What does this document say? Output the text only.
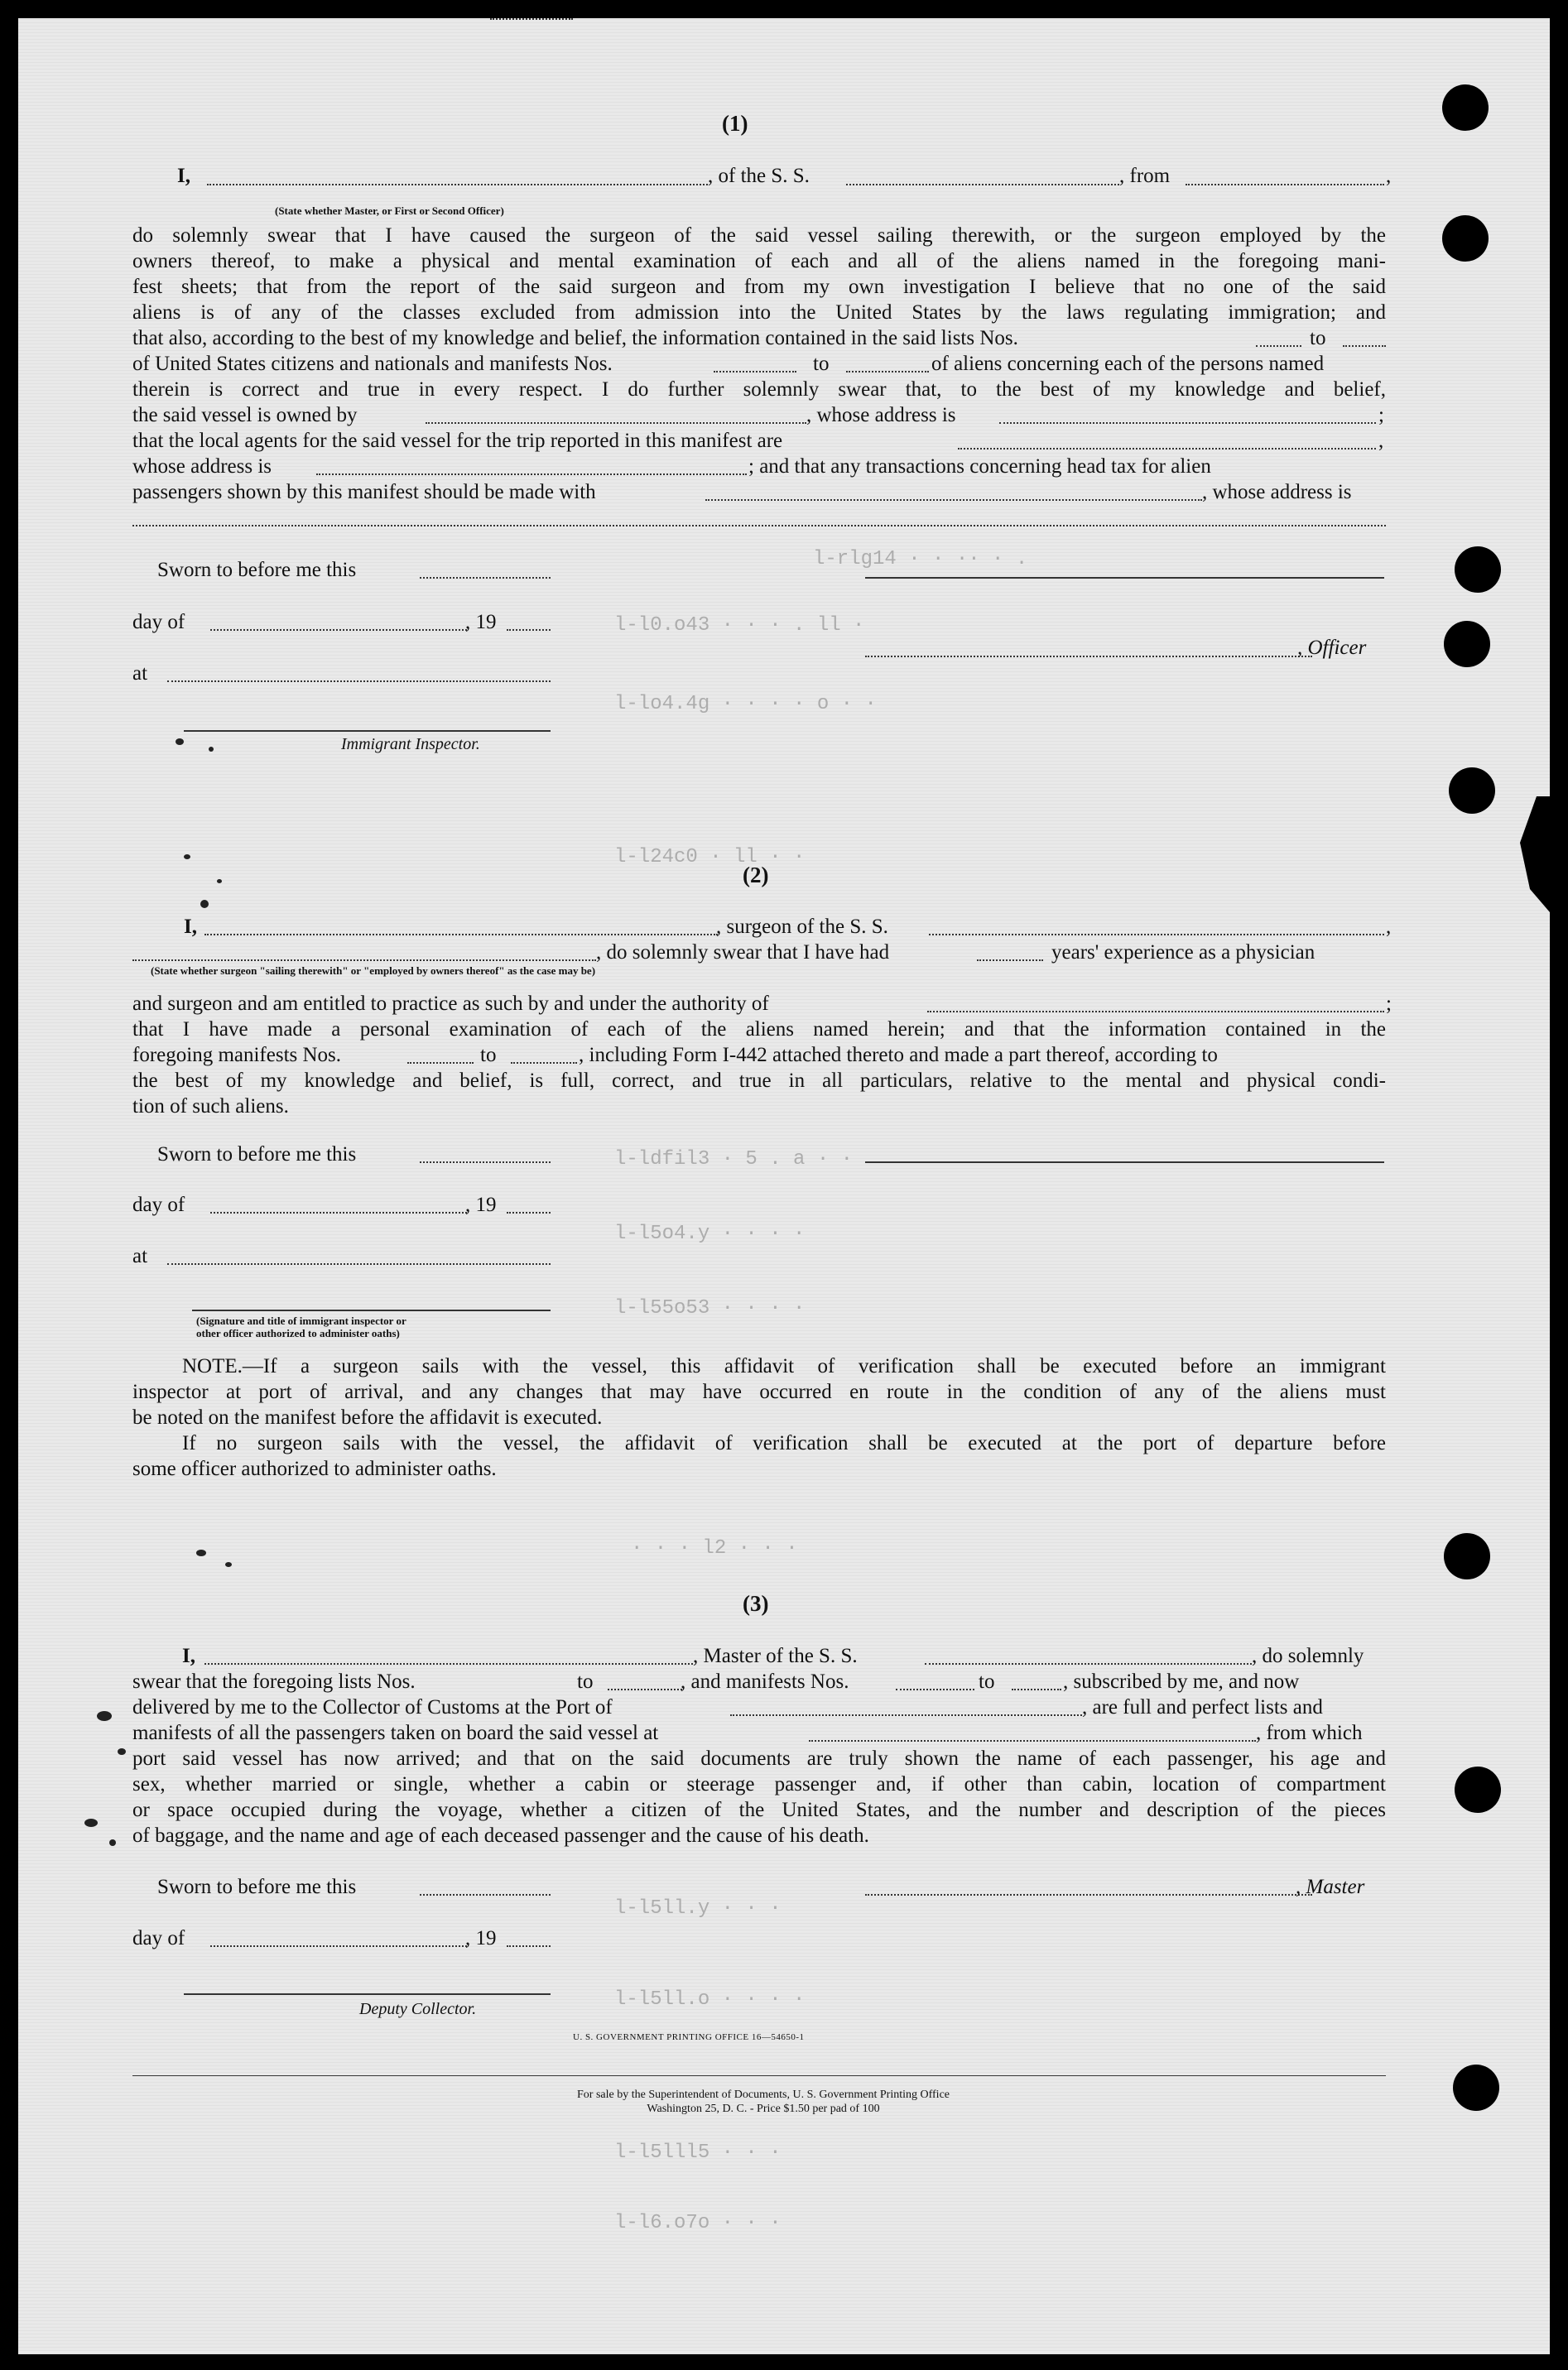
l-rlg14 · · ·· · .
l-l0.o43 · · · . ll ·
l-lo4.4g · · · · o · ·
l-l24c0 · ll · ·
l-ldfil3 · 5 . a · ·
l-l5o4.y · · · ·
l-l55o53 · · · ·
· · · l2 · · ·
l-l5ll.y · · ·
l-l5ll.o · · · ·
l-l5lll5 · · ·
l-l6.o7o · · ·
(1)
I,	, of the S. S.	, from	,
(State whether Master, or First or Second Officer)
do solemnly swear that I have caused the surgeon of the said vessel sailing therewith, or the surgeon employed by the
owners thereof, to make a physical and mental examination of each and all of the aliens named in the foregoing mani-
fest sheets; that from the report of the said surgeon and from my own investigation I believe that no one of the said
aliens is of any of the classes excluded from admission into the United States by the laws regulating immigration; and
that also, according to the best of my knowledge and belief, the information contained in the said lists Nos.	to
of United States citizens and nationals and manifests Nos.	to	of aliens concerning each of the persons named
therein is correct and true in every respect. I do further solemnly swear that, to the best of my knowledge and belief,
the said vessel is owned by	, whose address is	;
that the local agents for the said vessel for the trip reported in this manifest are	,
whose address is	; and that any transactions concerning head tax for alien
passengers shown by this manifest should be made with	, whose address is
Sworn to before me this
day of	, 19
, Officer
at
Immigrant Inspector.
(2)
I,	, surgeon of the S. S.	,
, do solemnly swear that I have had	years' experience as a physician
(State whether surgeon "sailing therewith" or "employed by owners thereof" as the case may be)
and surgeon and am entitled to practice as such by and under the authority of	;
that I have made a personal examination of each of the aliens named herein; and that the information contained in the
foregoing manifests Nos.	to	, including Form I-442 attached thereto and made a part thereof, according to
the best of my knowledge and belief, is full, correct, and true in all particulars, relative to the mental and physical condi-
tion of such aliens.
Sworn to before me this
day of	, 19
at
(Signature and title of immigrant inspector or
other officer authorized to administer oaths)
NOTE.—If a surgeon sails with the vessel, this affidavit of verification shall be executed before an immigrant
inspector at port of arrival, and any changes that may have occurred en route in the condition of any of the aliens must
be noted on the manifest before the affidavit is executed.
If no surgeon sails with the vessel, the affidavit of verification shall be executed at the port of departure before
some officer authorized to administer oaths.
(3)
I,	, Master of the S. S.	, do solemnly
swear that the foregoing lists Nos.	to	, and manifests Nos.	to	, subscribed by me, and now
delivered by me to the Collector of Customs at the Port of	, are full and perfect lists and
manifests of all the passengers taken on board the said vessel at	, from which
port said vessel has now arrived; and that on the said documents are truly shown the name of each passenger, his age and
sex, whether married or single, whether a cabin or steerage passenger and, if other than cabin, location of compartment
or space occupied during the voyage, whether a citizen of the United States, and the number and description of the pieces
of baggage, and the name and age of each deceased passenger and the cause of his death.
Sworn to before me this	, Master
day of	, 19
Deputy Collector.
U. S. GOVERNMENT PRINTING OFFICE 16—54650-1
For sale by the Superintendent of Documents, U. S. Government Printing Office
Washington 25, D. C. - Price $1.50 per pad of 100
